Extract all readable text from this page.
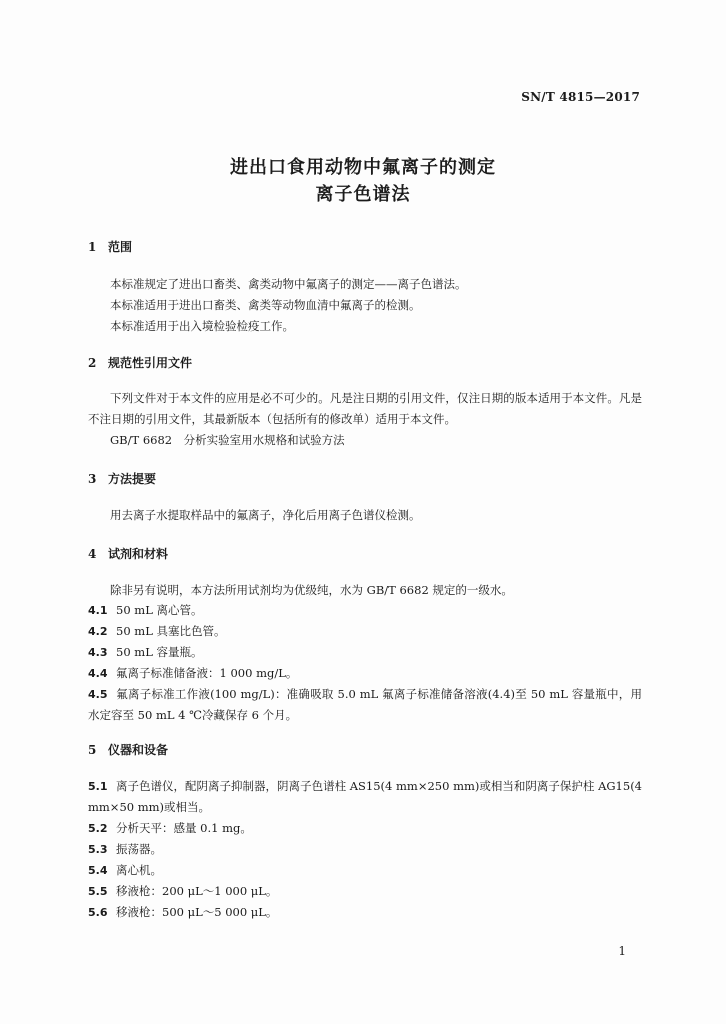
SN/T 4815—2017
进出口食用动物中氟离子的测定
离子色谱法
1 范围
本标准规定了进出口畜类、禽类动物中氟离子的测定——离子色谱法。
本标准适用于进出口畜类、禽类等动物血清中氟离子的检测。
本标准适用于出入境检验检疫工作。
2 规范性引用文件
下列文件对于本文件的应用是必不可少的。凡是注日期的引用文件，仅注日期的版本适用于本文件。凡是不注日期的引用文件，其最新版本（包括所有的修改单）适用于本文件。
GB/T 6682　分析实验室用水规格和试验方法
3 方法提要
用去离子水提取样品中的氟离子，净化后用离子色谱仪检测。
4 试剂和材料
除非另有说明，本方法所用试剂均为优级纯，水为 GB/T 6682 规定的一级水。
4.1 50 mL 离心管。
4.2 50 mL 具塞比色管。
4.3 50 mL 容量瓶。
4.4 氟离子标准储备液：1 000 mg/L。
4.5 氟离子标准工作液(100 mg/L)：准确吸取 5.0 mL 氟离子标准储备溶液(4.4)至 50 mL 容量瓶中，用水定容至 50 mL 4 ℃冷藏保存 6 个月。
5 仪器和设备
5.1 离子色谱仪，配阴离子抑制器，阴离子色谱柱 AS15(4 mm×250 mm)或相当和阴离子保护柱 AG15(4 mm×50 mm)或相当。
5.2 分析天平：感量 0.1 mg。
5.3 振荡器。
5.4 离心机。
5.5 移液枪：200 μL～1 000 μL。
5.6 移液枪：500 μL～5 000 μL。
1
